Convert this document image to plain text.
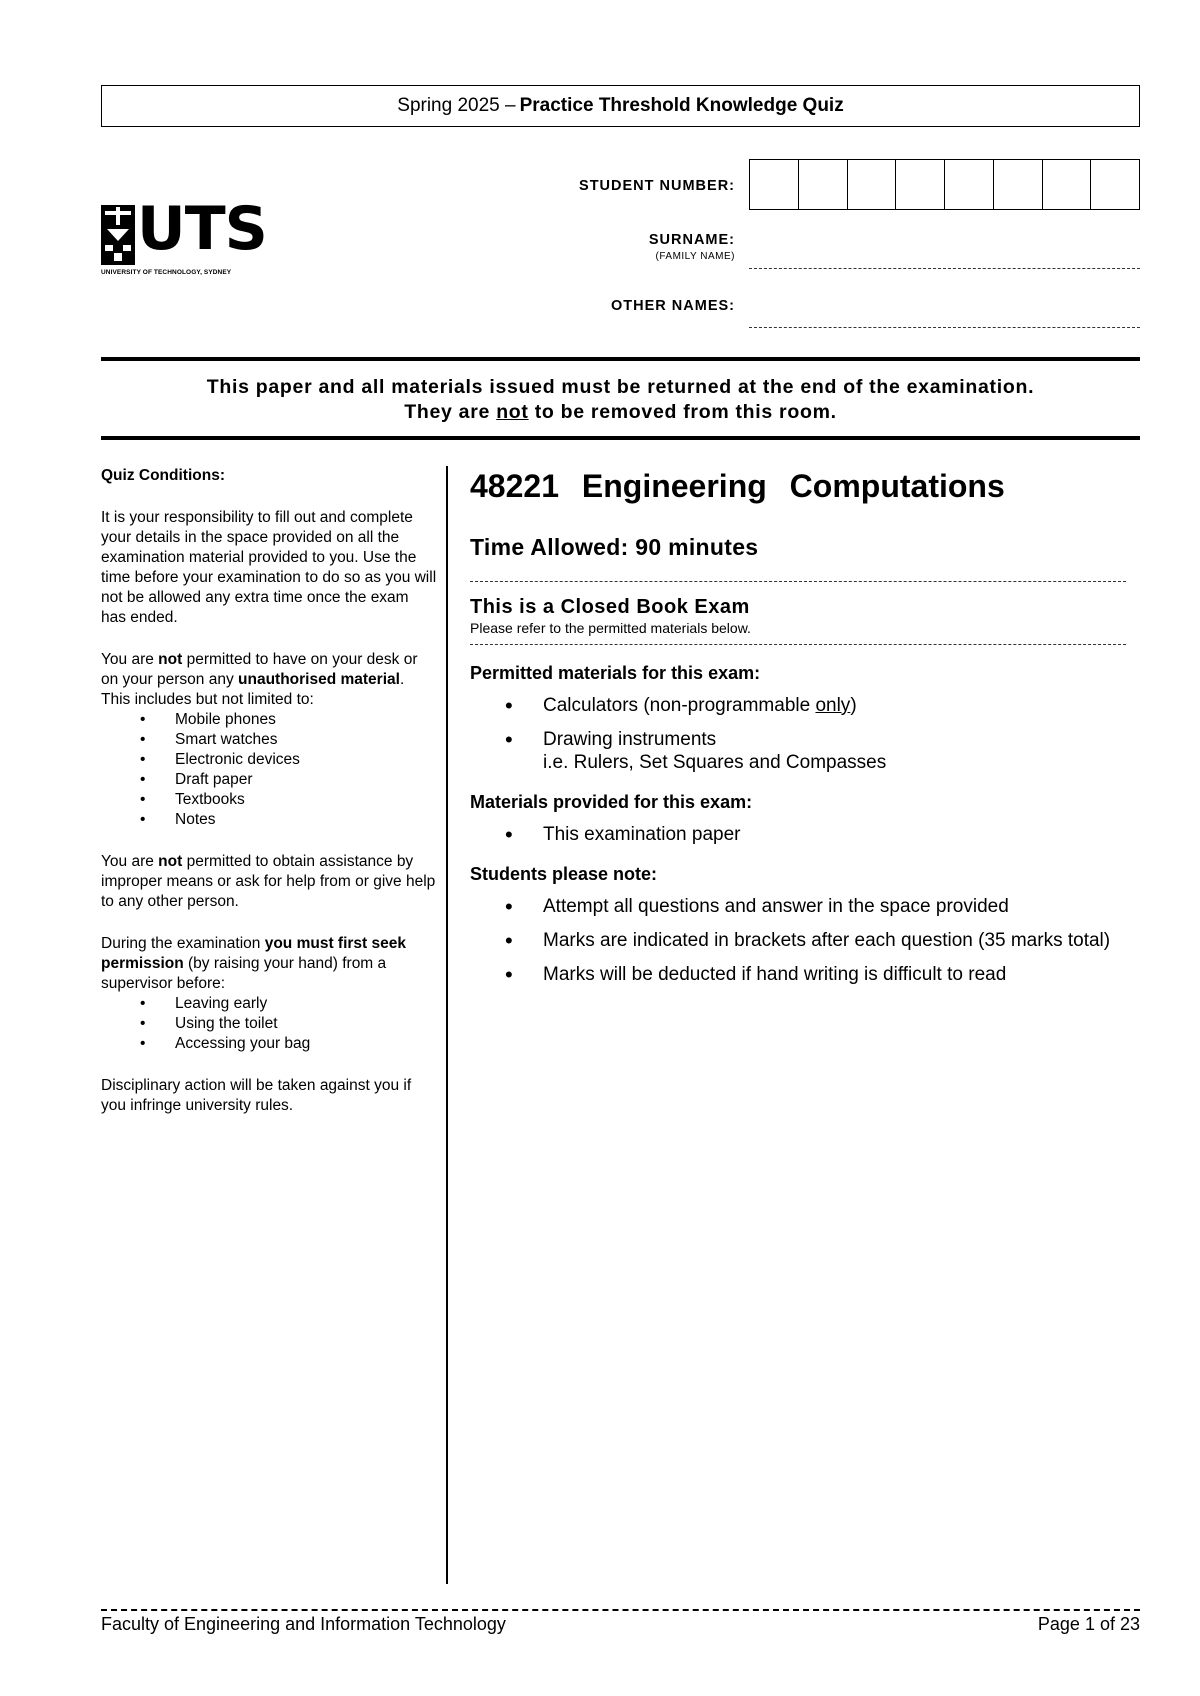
Spring 2025 – Practice Threshold Knowledge Quiz
UTS
UNIVERSITY OF TECHNOLOGY, SYDNEY
STUDENT NUMBER:
SURNAME:
(FAMILY NAME)
OTHER NAMES:
This paper and all materials issued must be returned at the end of the examination.
They are not to be removed from this room.
Quiz Conditions:

It is your responsibility to fill out and complete your details in the space provided on all the examination material provided to you. Use the time before your examination to do so as you will not be allowed any extra time once the exam has ended.

You are not permitted to have on your desk or on your person any unauthorised material. This includes but not limited to:

• Mobile phones
• Smart watches
• Electronic devices
• Draft paper
• Textbooks
• Notes

You are not permitted to obtain assistance by improper means or ask for help from or give help to any other person.

During the examination you must first seek permission (by raising your hand) from a supervisor before:

• Leaving early
• Using the toilet
• Accessing your bag

Disciplinary action will be taken against you if you infringe university rules.

48221 Engineering Computations
Time Allowed: 90 minutes
This is a Closed Book Exam
Please refer to the permitted materials below.
Permitted materials for this exam:
• Calculators (non-programmable only)
• Drawing instruments
i.e. Rulers, Set Squares and Compasses
Materials provided for this exam:
• This examination paper
Students please note:
• Attempt all questions and answer in the space provided
• Marks are indicated in brackets after each question (35 marks total)
• Marks will be deducted if hand writing is difficult to read
Faculty of Engineering and Information Technology	Page 1 of 23
